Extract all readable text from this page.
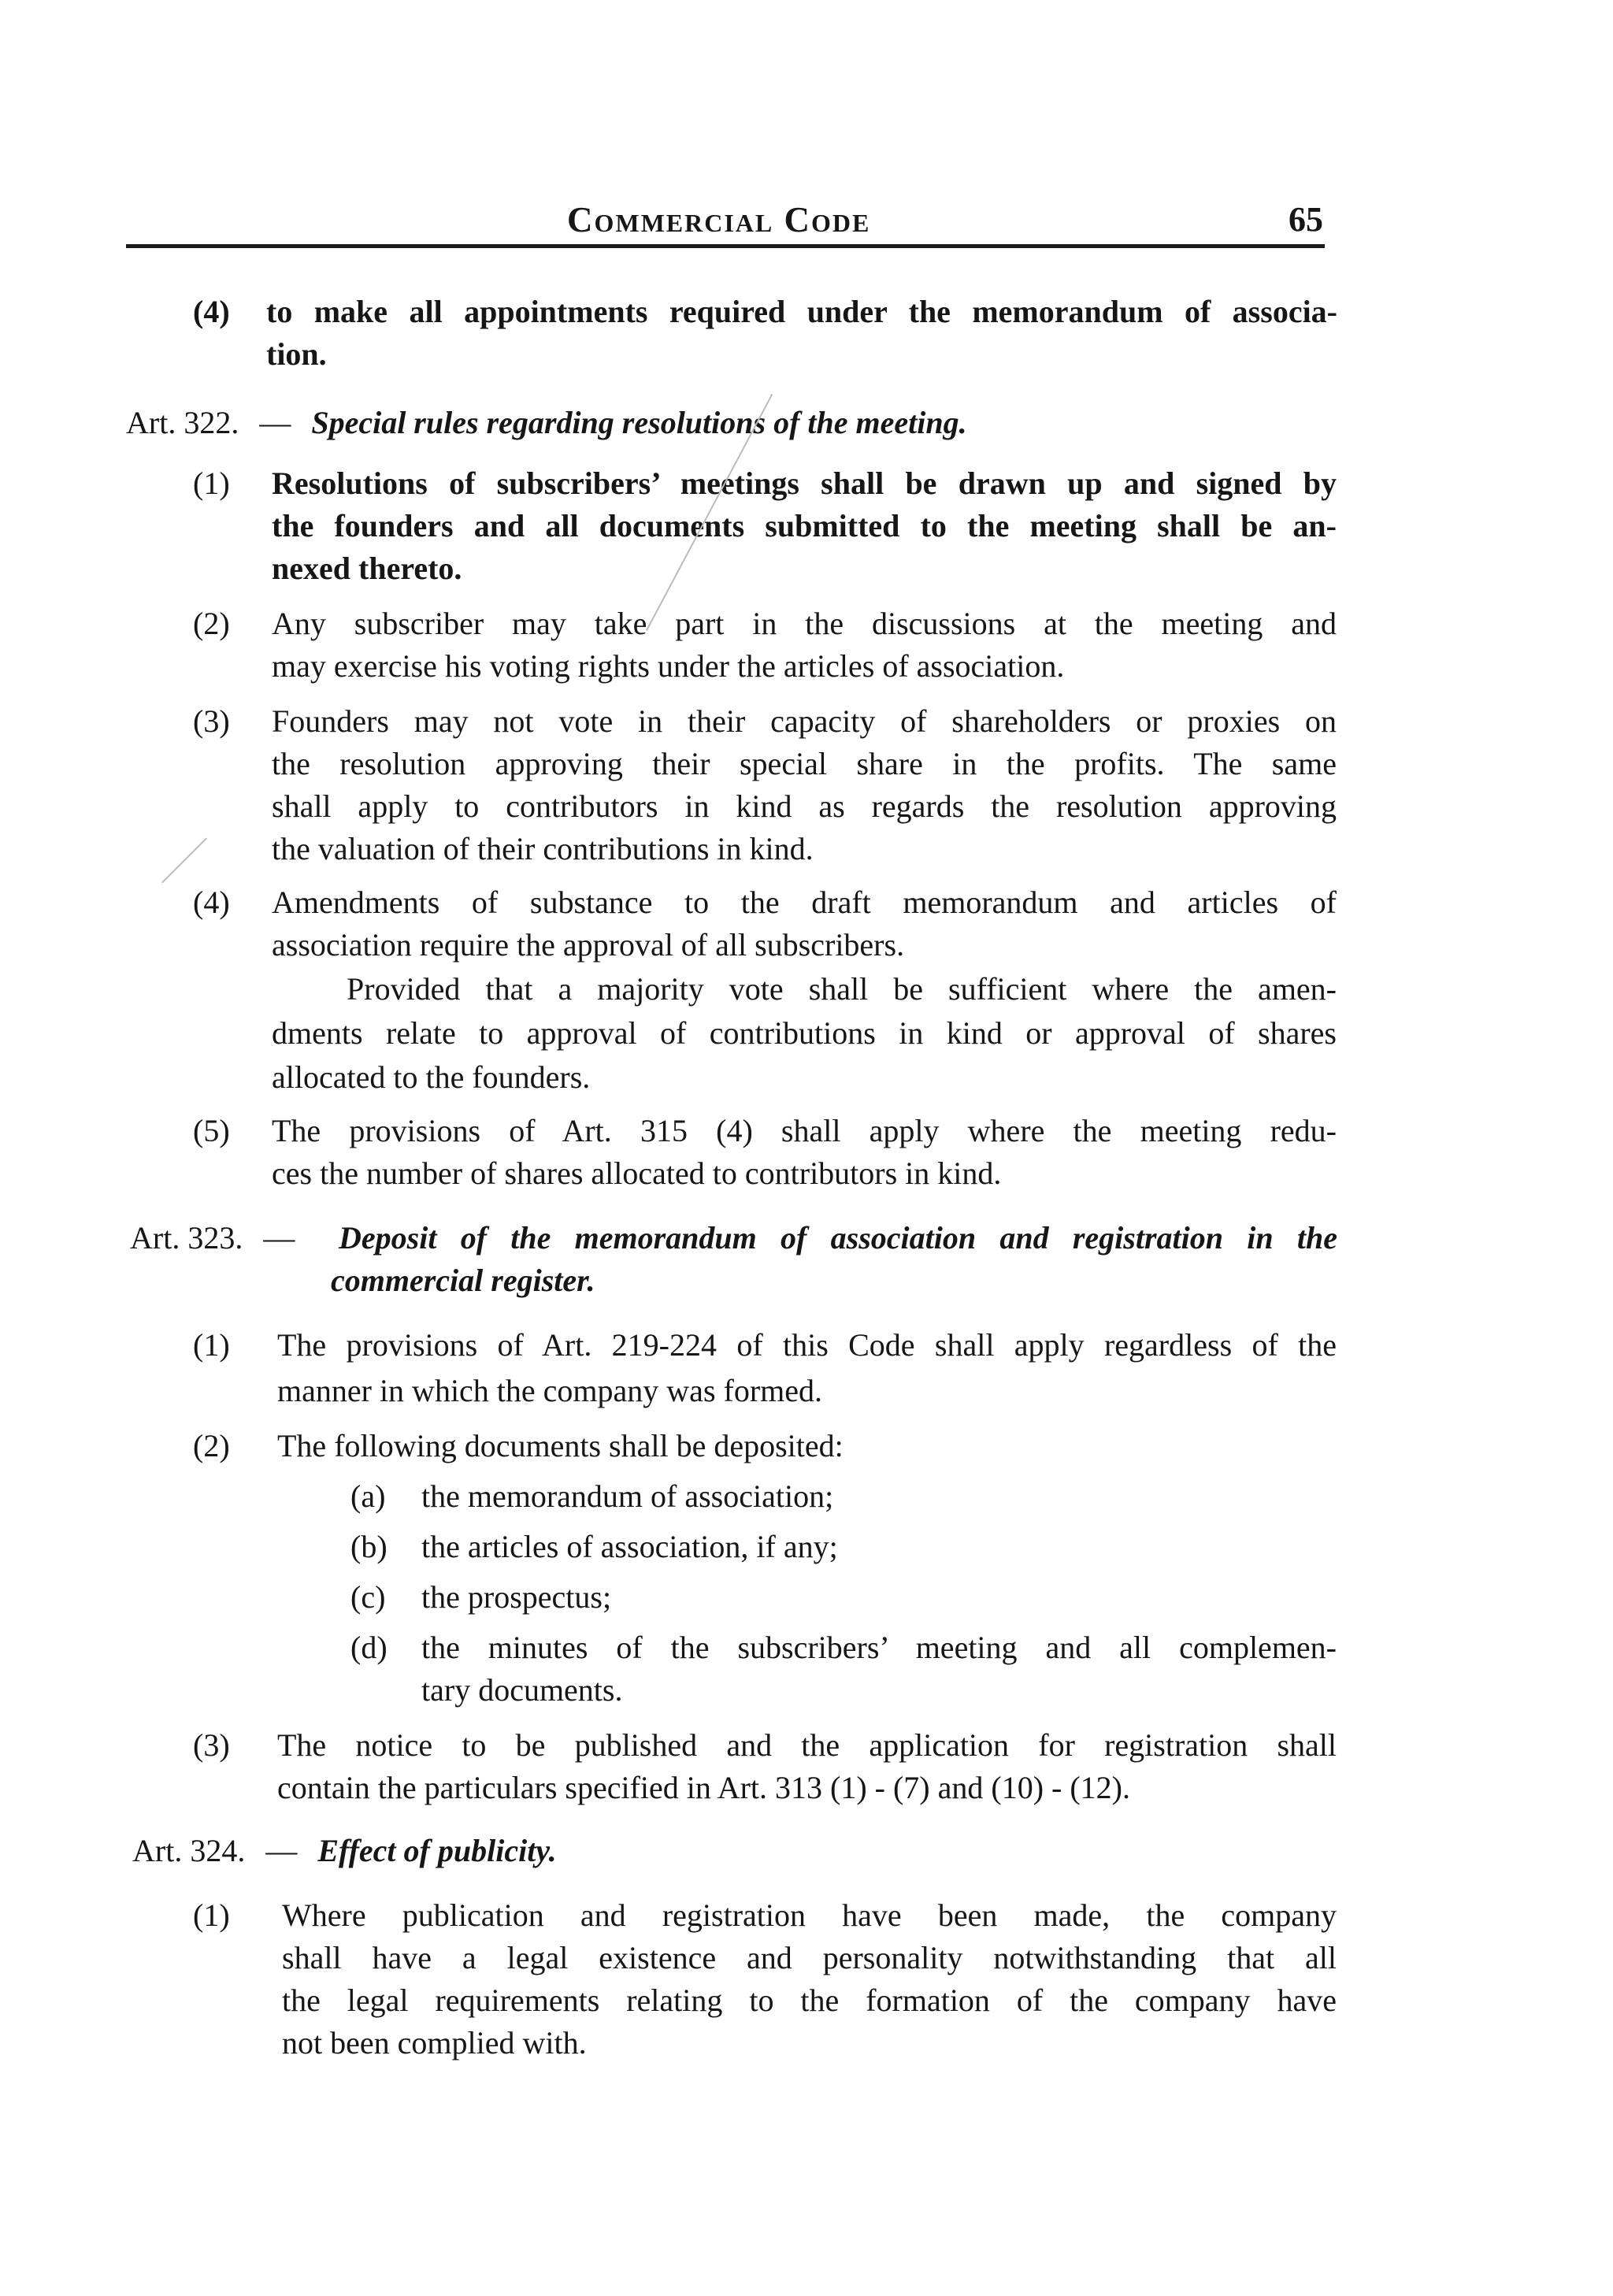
Commercial Code	65
(4) to make all appointments required under the memorandum of associa-
tion.
Art. 322. — Special rules regarding resolutions of the meeting.
(1) Resolutions of subscribers’ meetings shall be drawn up and signed by
the founders and all documents submitted to the meeting shall be an-
nexed thereto.
(2) Any subscriber may take part in the discussions at the meeting and
may exercise his voting rights under the articles of association.
(3) Founders may not vote in their capacity of shareholders or proxies on
the resolution approving their special share in the profits. The same
shall apply to contributors in kind as regards the resolution approving
the valuation of their contributions in kind.
(4) Amendments of substance to the draft memorandum and articles of
association require the approval of all subscribers.
Provided that a majority vote shall be sufficient where the amen-
dments relate to approval of contributions in kind or approval of shares
allocated to the founders.
(5) The provisions of Art. 315 (4) shall apply where the meeting redu-
ces the number of shares allocated to contributors in kind.
Art. 323. — Deposit of the memorandum of association and registration in the
commercial register.
(1) The provisions of Art. 219-224 of this Code shall apply regardless of the
manner in which the company was formed.
(2) The following documents shall be deposited:
(a) the memorandum of association;
(b) the articles of association, if any;
(c) the prospectus;
(d) the minutes of the subscribers’ meeting and all complemen-
tary documents.
(3) The notice to be published and the application for registration shall
contain the particulars specified in Art. 313 (1) - (7) and (10) - (12).
Art. 324. — Effect of publicity.
(1) Where publication and registration have been made, the company
shall have a legal existence and personality notwithstanding that all
the legal requirements relating to the formation of the company have
not been complied with.
